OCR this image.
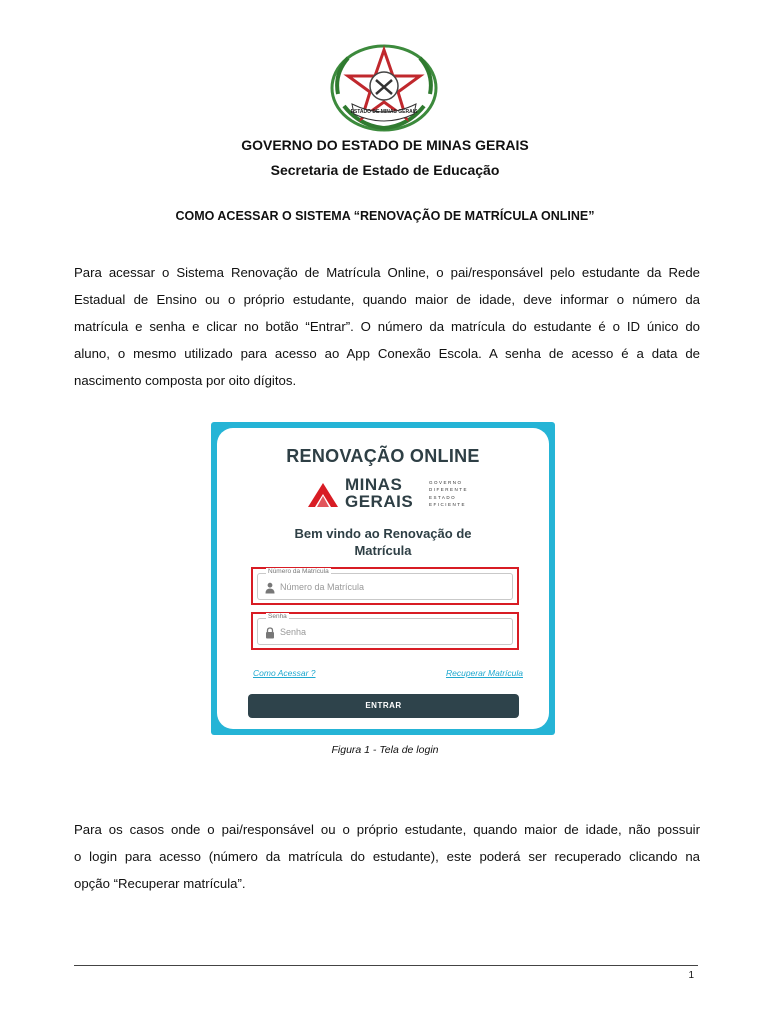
ESTADO DE MINAS GERAIS
GOVERNO DO ESTADO DE MINAS GERAIS
Secretaria de Estado de Educação
COMO ACESSAR O SISTEMA “RENOVAÇÃO DE MATRÍCULA ONLINE”
Para acessar o Sistema Renovação de Matrícula Online, o pai/responsável pelo estudante da Rede
Estadual de Ensino ou o próprio estudante, quando maior de idade, deve informar o número da
matrícula e senha e clicar no botão “Entrar”. O número da matrícula do estudante é o ID único do
aluno, o mesmo utilizado para acesso ao App Conexão Escola. A senha de acesso é a data de
nascimento composta por oito dígitos.
RENOVAÇÃO ONLINE
MINAS
GERAIS
GOVERNO
DIFERENTE
ESTADO
EFICIENTE
Bem vindo ao Renovação de
Matrícula
Número da Matrícula
Número da Matrícula
Senha
Senha
Como Acessar ?	Recuperar Matrícula
ENTRAR
Figura 1 - Tela de login
Para os casos onde o pai/responsável ou o próprio estudante, quando maior de idade, não possuir
o login para acesso (número da matrícula do estudante), este poderá ser recuperado clicando na
opção “Recuperar matrícula”.
1
